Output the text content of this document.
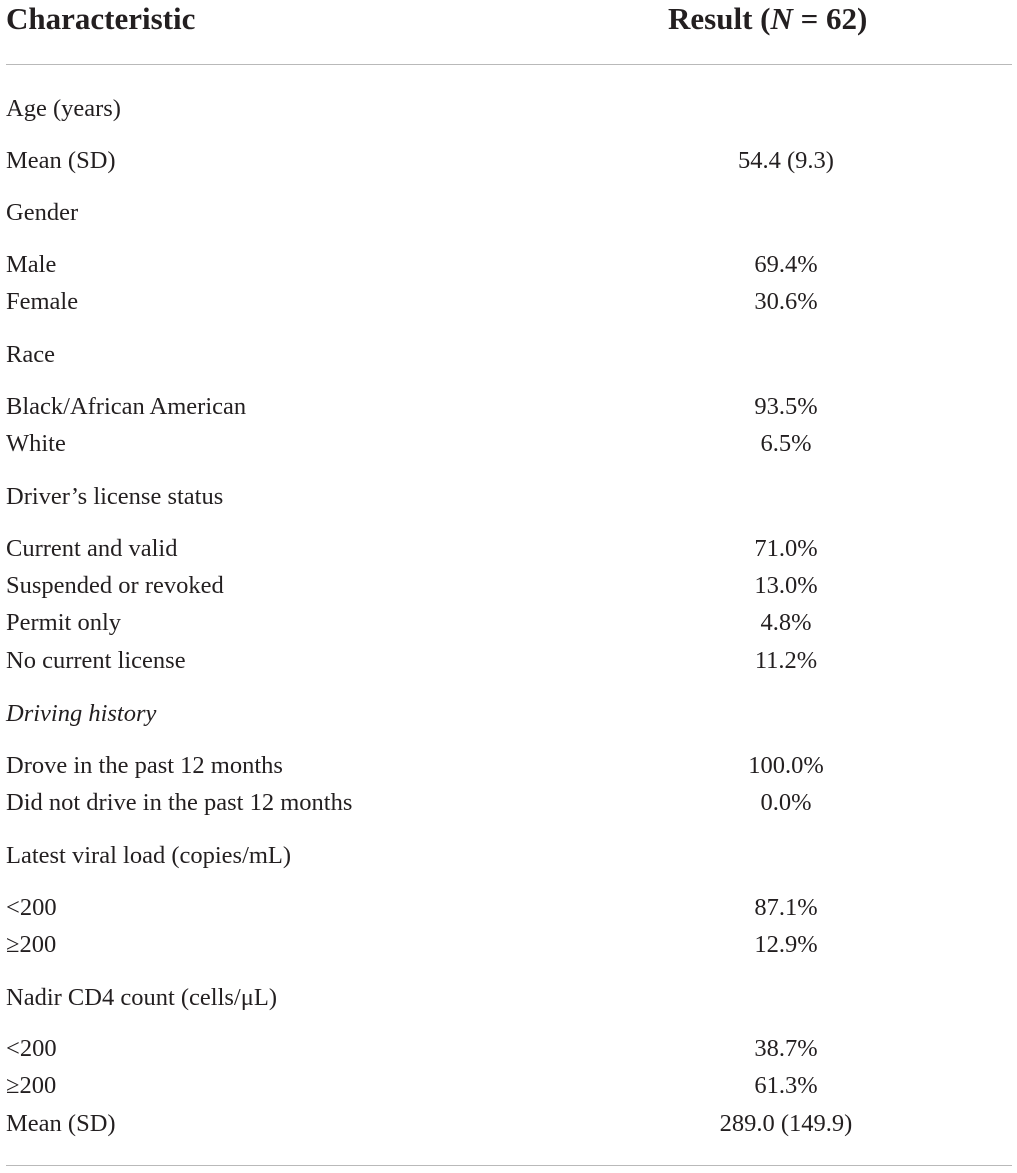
Characteristic	Result (N = 62)
Age (years)
Mean (SD)	54.4 (9.3)
Gender
Male	69.4%
Female	30.6%
Race
Black/African American	93.5%
White	6.5%
Driver’s license status
Current and valid	71.0%
Suspended or revoked	13.0%
Permit only	4.8%
No current license	11.2%
Driving history
Drove in the past 12 months	100.0%
Did not drive in the past 12 months	0.0%
Latest viral load (copies/mL)
<200	87.1%
≥200	12.9%
Nadir CD4 count (cells/μL)
<200	38.7%
≥200	61.3%
Mean (SD)	289.0 (149.9)
